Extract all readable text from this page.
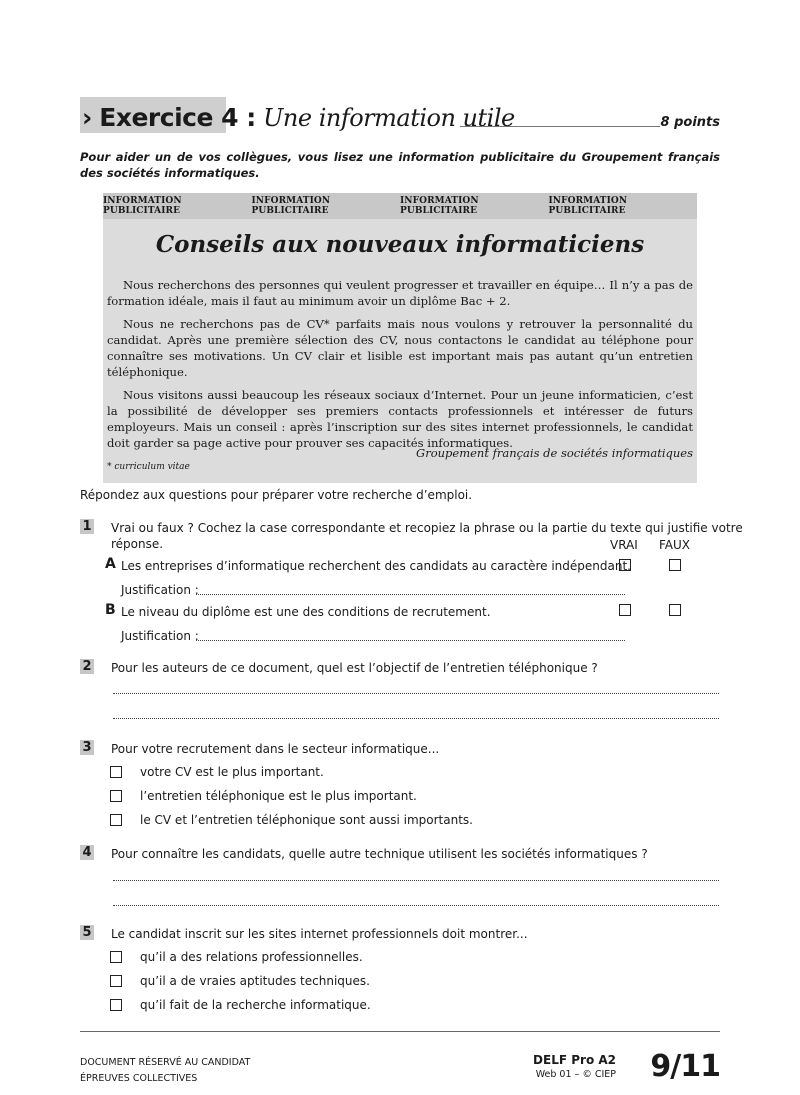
› Exercice 4 : Une information utile	8 points
Pour aider un de vos collègues, vous lisez une information publicitaire du Groupement français des sociétés informatiques.
INFORMATION PUBLICITAIRE
INFORMATION PUBLICITAIRE
INFORMATION PUBLICITAIRE
INFORMATION PUBLICITAIRE
Conseils aux nouveaux informaticiens

Nous recherchons des personnes qui veulent progresser et travailler en équipe… Il n’y a pas de formation idéale, mais il faut au minimum avoir un diplôme Bac + 2.

Nous ne recherchons pas de CV* parfaits mais nous voulons y retrouver la personnalité du candidat. Après une première sélection des CV, nous contactons le candidat au téléphone pour connaître ses motivations. Un CV clair et lisible est important mais pas autant qu’un entretien téléphonique.

Nous visitons aussi beaucoup les réseaux sociaux d’Internet. Pour un jeune informaticien, c’est la possibilité de développer ses premiers contacts professionnels et intéresser de futurs employeurs. Mais un conseil : après l’inscription sur des sites internet professionnels, le candidat doit garder sa page active pour prouver ses capacités informatiques.

Groupement français de sociétés informatiques
* curriculum vitae
Répondez aux questions pour préparer votre recherche d’emploi.
1 Vrai ou faux ? Cochez la case correspondante et recopiez la phrase ou la partie du texte qui justifie votre
réponse.	VRAI FAUX
A Les entreprises d’informatique recherchent des candidats au caractère indépendant.
Justification :
B Le niveau du diplôme est une des conditions de recrutement.
Justification :
2 Pour les auteurs de ce document, quel est l’objectif de l’entretien téléphonique ?
3 Pour votre recrutement dans le secteur informatique...
votre CV est le plus important.
l’entretien téléphonique est le plus important.
le CV et l’entretien téléphonique sont aussi importants.
4 Pour connaître les candidats, quelle autre technique utilisent les sociétés informatiques ?
5 Le candidat inscrit sur les sites internet professionnels doit montrer...
qu’il a des relations professionnelles.
qu’il a de vraies aptitudes techniques.
qu’il fait de la recherche informatique.
DOCUMENT RÉSERVÉ AU CANDIDAT
ÉPREUVES COLLECTIVES
DELF Pro A2
Web 01 – © CIEP	9/11
